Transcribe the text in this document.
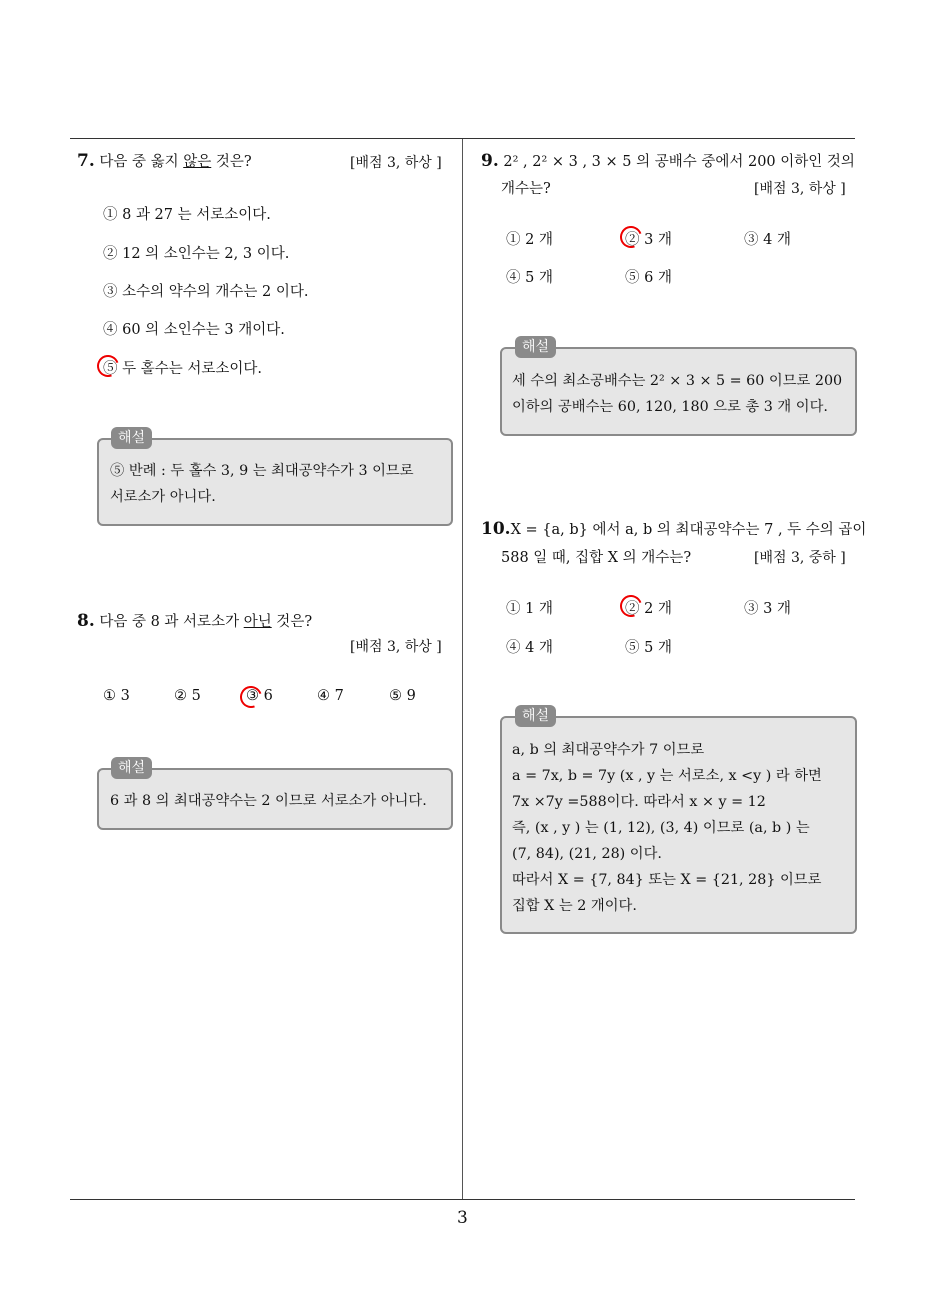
3
7. 다음 중 옳지 않은 것은?	[배점 3, 하상 ]
① 8 과 27 는 서로소이다.
② 12 의 소인수는 2, 3 이다.
③ 소수의 약수의 개수는 2 이다.
④ 60 의 소인수는 3 개이다.
⑤ 두 홀수는 서로소이다.
해설
⑤ 반례 : 두 홀수 3, 9 는 최대공약수가 3 이므로
서로소가 아니다.
8. 다음 중 8 과 서로소가 아닌 것은?
[배점 3, 하상 ]
① 3	② 5	③ 6	④ 7	⑤ 9
해설
6 과 8 의 최대공약수는 2 이므로 서로소가 아니다.
9. 2² , 2² × 3 , 3 × 5 의 공배수 중에서 200 이하인 것의
개수는?	[배점 3, 하상 ]
① 2 개	② 3 개	③ 4 개
④ 5 개	⑤ 6 개
해설
세 수의 최소공배수는 2² × 3 × 5 = 60 이므로 200
이하의 공배수는 60, 120, 180 으로 총 3 개 이다.
10.X = {a, b} 에서 a, b 의 최대공약수는 7 , 두 수의 곱이
588 일 때, 집합 X 의 개수는?	[배점 3, 중하 ]
① 1 개	② 2 개	③ 3 개
④ 4 개	⑤ 5 개
해설
a, b 의 최대공약수가 7 이므로
a = 7x, b = 7y (x , y 는 서로소, x <y ) 라 하면
7x ×7y =588이다. 따라서 x × y = 12
즉, (x , y ) 는 (1, 12), (3, 4) 이므로 (a, b ) 는
(7, 84), (21, 28) 이다.
따라서 X = {7, 84} 또는 X = {21, 28} 이므로
집합 X 는 2 개이다.
